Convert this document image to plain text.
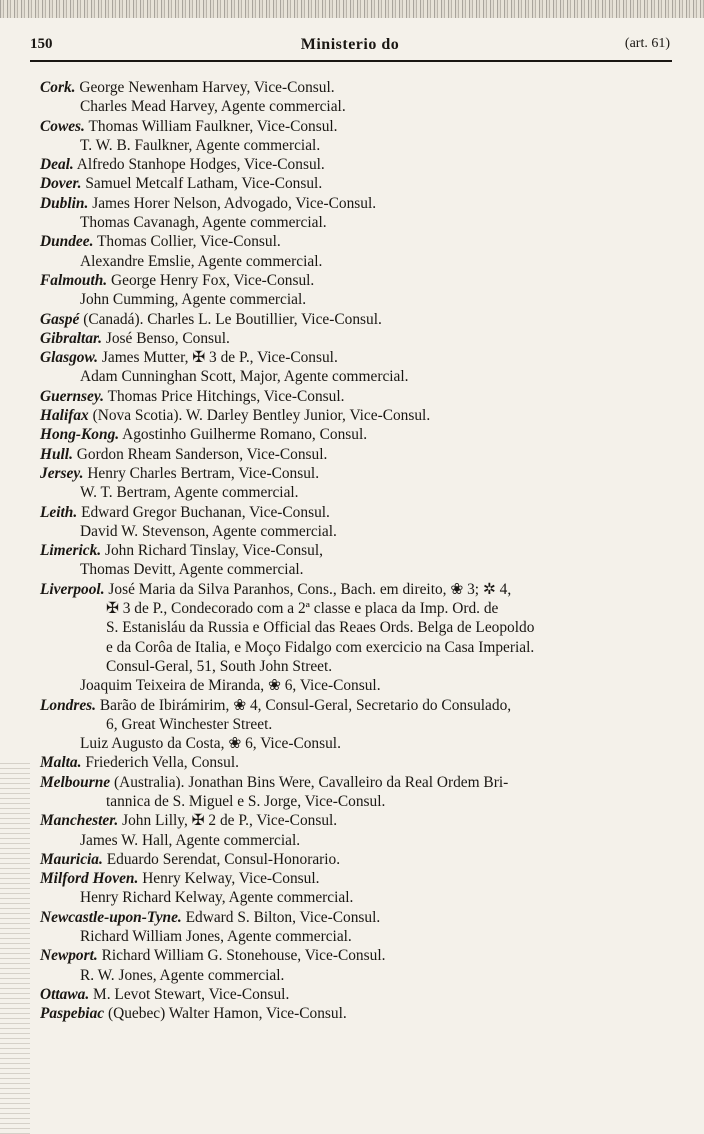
150	Ministerio do	(art. 61)
Cork. George Newenham Harvey, Vice-Consul.
Charles Mead Harvey, Agente commercial.
Cowes. Thomas William Faulkner, Vice-Consul.
T. W. B. Faulkner, Agente commercial.
Deal. Alfredo Stanhope Hodges, Vice-Consul.
Dover. Samuel Metcalf Latham, Vice-Consul.
Dublin. James Horer Nelson, Advogado, Vice-Consul.
Thomas Cavanagh, Agente commercial.
Dundee. Thomas Collier, Vice-Consul.
Alexandre Emslie, Agente commercial.
Falmouth. George Henry Fox, Vice-Consul.
John Cumming, Agente commercial.
Gaspé (Canadá). Charles L. Le Boutillier, Vice-Consul.
Gibraltar. José Benso, Consul.
Glasgow. James Mutter, ✠ 3 de P., Vice-Consul.
Adam Cunninghan Scott, Major, Agente commercial.
Guernsey. Thomas Price Hitchings, Vice-Consul.
Halifax (Nova Scotia). W. Darley Bentley Junior, Vice-Consul.
Hong-Kong. Agostinho Guilherme Romano, Consul.
Hull. Gordon Rheam Sanderson, Vice-Consul.
Jersey. Henry Charles Bertram, Vice-Consul.
W. T. Bertram, Agente commercial.
Leith. Edward Gregor Buchanan, Vice-Consul.
David W. Stevenson, Agente commercial.
Limerick. John Richard Tinslay, Vice-Consul,
Thomas Devitt, Agente commercial.
Liverpool. José Maria da Silva Paranhos, Cons., Bach. em direito, ❀ 3; ✲ 4,
✠ 3 de P., Condecorado com a 2ª classe e placa da Imp. Ord. de
S. Estanisláu da Russia e Official das Reaes Ords. Belga de Leopoldo
e da Corôa de Italia, e Moço Fidalgo com exercicio na Casa Imperial.
Consul-Geral, 51, South John Street.
Joaquim Teixeira de Miranda, ❀ 6, Vice-Consul.
Londres. Barão de Ibirámirim, ❀ 4, Consul-Geral, Secretario do Consulado,
6, Great Winchester Street.
Luiz Augusto da Costa, ❀ 6, Vice-Consul.
Malta. Friederich Vella, Consul.
Melbourne (Australia). Jonathan Bins Were, Cavalleiro da Real Ordem Bri-
tannica de S. Miguel e S. Jorge, Vice-Consul.
Manchester. John Lilly, ✠ 2 de P., Vice-Consul.
James W. Hall, Agente commercial.
Mauricia. Eduardo Serendat, Consul-Honorario.
Milford Hoven. Henry Kelway, Vice-Consul.
Henry Richard Kelway, Agente commercial.
Newcastle-upon-Tyne. Edward S. Bilton, Vice-Consul.
Richard William Jones, Agente commercial.
Newport. Richard William G. Stonehouse, Vice-Consul.
R. W. Jones, Agente commercial.
Ottawa. M. Levot Stewart, Vice-Consul.
Paspebiac (Quebec) Walter Hamon, Vice-Consul.
